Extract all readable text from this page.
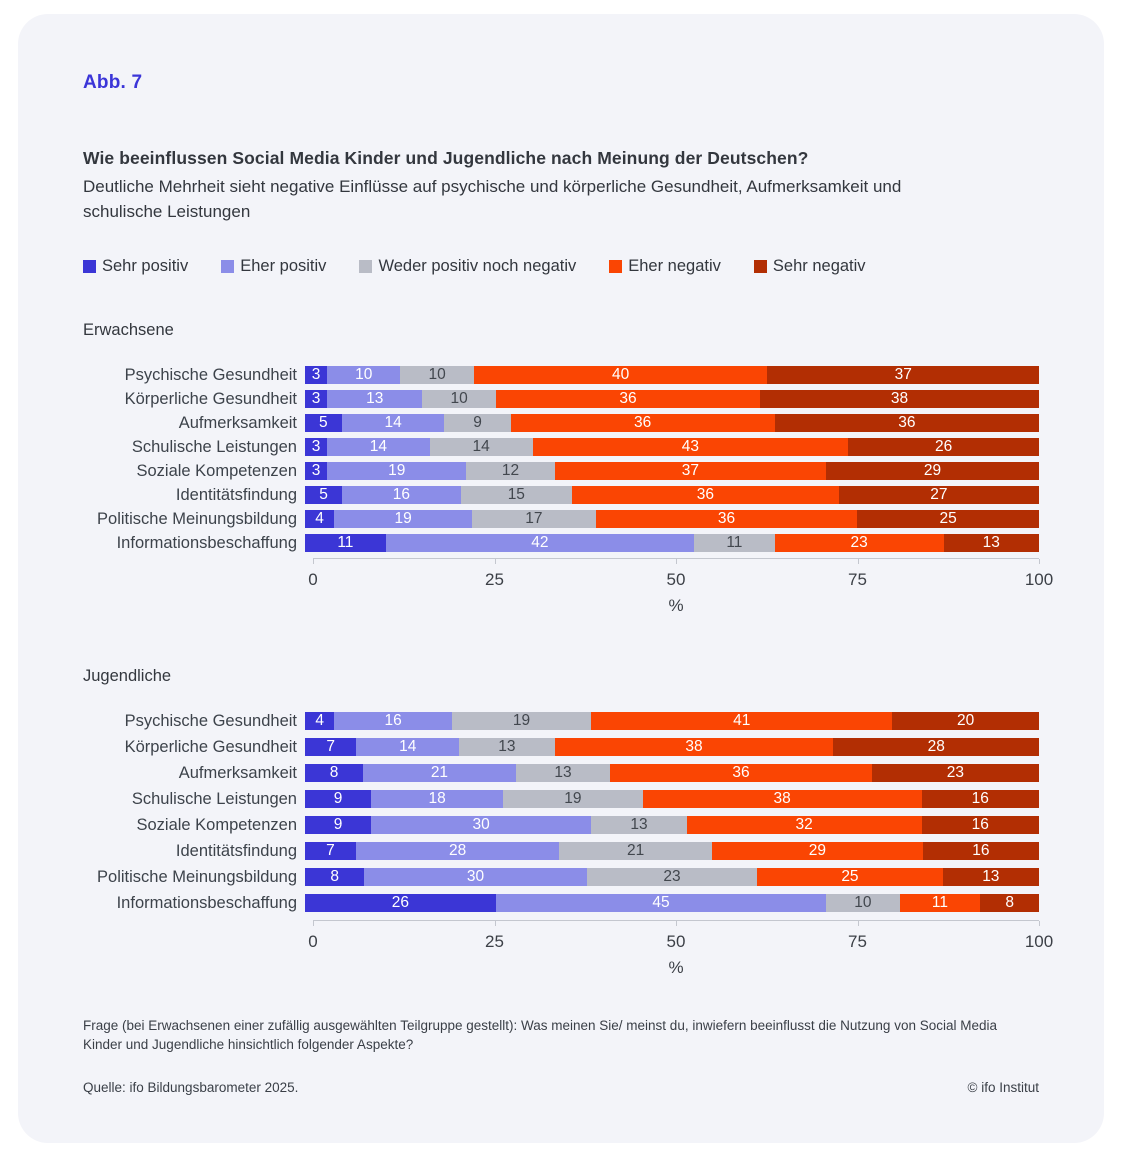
Abb. 7
Wie beeinflussen Social Media Kinder und Jugendliche nach Meinung der Deutschen?

Deutliche Mehrheit sieht negative Einflüsse auf psychische und körperliche Gesundheit, Aufmerksamkeit und schulische Leistungen

Sehr positiv	Eher positiv	Weder positiv noch negativ	Eher negativ	Sehr negativ
Erwachsene
Psychische Gesundheit 3	10	10	40	37
Körperliche Gesundheit 3	13	10	36	38
Aufmerksamkeit	5	14	9	36	36
Schulische Leistungen 3	14	14	43	26
Soziale Kompetenzen 3	19	12	37	29
Identitätsfindung	5	16	15	36	27
Politische Meinungsbildung	4	19	17	36	25
Informationsbeschaffung	11	42	11	23	13
0	25	50	75	100
%
Jugendliche
Psychische Gesundheit	4	16	19	41	20
Körperliche Gesundheit	7	14	13	38	28
Aufmerksamkeit	8	21	13	36	23
Schulische Leistungen	9	18	19	38	16
Soziale Kompetenzen	9	30	13	32	16
Identitätsfindung	7	28	21	29	16
Politische Meinungsbildung	8	30	23	25	13
Informationsbeschaffung	26	45	10	11	8
0	25	50	75	100
%

Frage (bei Erwachsenen einer zufällig ausgewählten Teilgruppe gestellt): Was meinen Sie/ meinst du, inwiefern beeinflusst die Nutzung von Social Media Kinder und Jugendliche hinsichtlich folgender Aspekte?

Quelle: ifo Bildungsbarometer 2025.	© ifo Institut
